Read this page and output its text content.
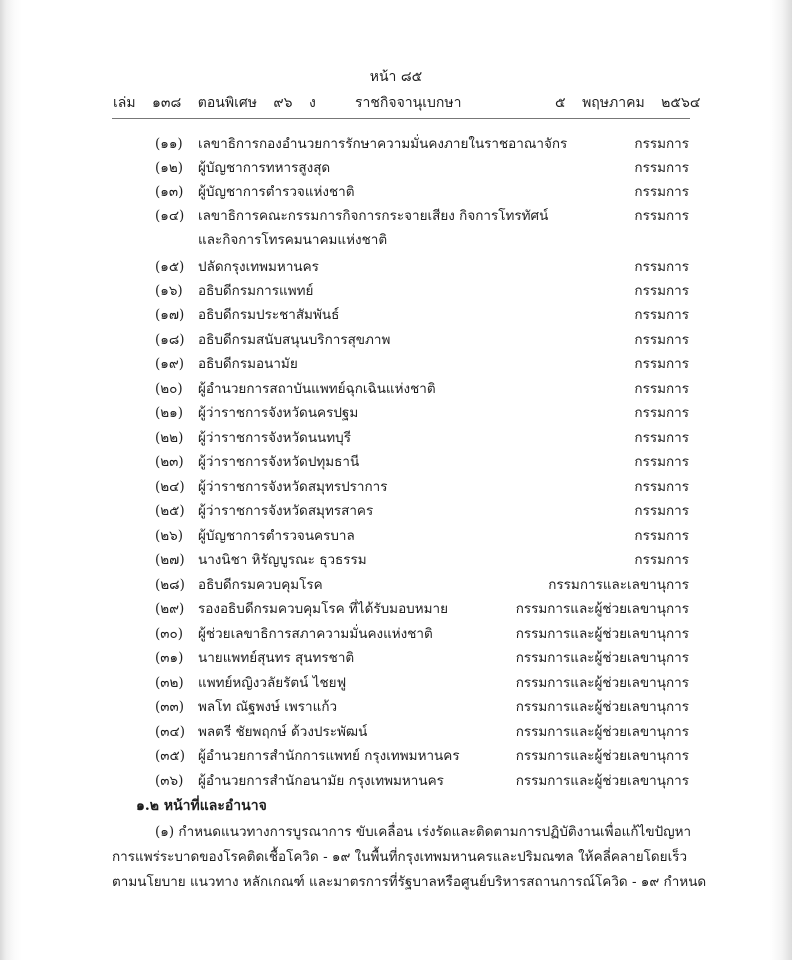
หน้า ๘๕
เล่ม ๑๓๘ ตอนพิเศษ ๙๖ ง	ราชกิจจานุเบกษา	๕ พฤษภาคม ๒๕๖๔
(๑๑) เลขาธิการกองอำนวยการรักษาความมั่นคงภายในราชอาณาจักร	กรรมการ
(๑๒) ผู้บัญชาการทหารสูงสุด	กรรมการ
(๑๓) ผู้บัญชาการตำรวจแห่งชาติ	กรรมการ
(๑๔) เลขาธิการคณะกรรมการกิจการกระจายเสียง กิจการโทรทัศน์	กรรมการ
และกิจการโทรคมนาคมแห่งชาติ
(๑๕) ปลัดกรุงเทพมหานคร	กรรมการ
(๑๖) อธิบดีกรมการแพทย์	กรรมการ
(๑๗) อธิบดีกรมประชาสัมพันธ์	กรรมการ
(๑๘) อธิบดีกรมสนับสนุนบริการสุขภาพ	กรรมการ
(๑๙) อธิบดีกรมอนามัย	กรรมการ
(๒๐) ผู้อำนวยการสถาบันแพทย์ฉุกเฉินแห่งชาติ	กรรมการ
(๒๑) ผู้ว่าราชการจังหวัดนครปฐม	กรรมการ
(๒๒) ผู้ว่าราชการจังหวัดนนทบุรี	กรรมการ
(๒๓) ผู้ว่าราชการจังหวัดปทุมธานี	กรรมการ
(๒๔) ผู้ว่าราชการจังหวัดสมุทรปราการ	กรรมการ
(๒๕) ผู้ว่าราชการจังหวัดสมุทรสาคร	กรรมการ
(๒๖) ผู้บัญชาการตำรวจนครบาล	กรรมการ
(๒๗) นางนิชา หิรัญบูรณะ ธุวธรรม	กรรมการ
(๒๘) อธิบดีกรมควบคุมโรค	กรรมการและเลขานุการ
(๒๙) รองอธิบดีกรมควบคุมโรค ที่ได้รับมอบหมาย	กรรมการและผู้ช่วยเลขานุการ
(๓๐) ผู้ช่วยเลขาธิการสภาความมั่นคงแห่งชาติ	กรรมการและผู้ช่วยเลขานุการ
(๓๑) นายแพทย์สุนทร สุนทรชาติ	กรรมการและผู้ช่วยเลขานุการ
(๓๒) แพทย์หญิงวลัยรัตน์ ไชยฟู	กรรมการและผู้ช่วยเลขานุการ
(๓๓) พลโท ณัฐพงษ์ เพราแก้ว	กรรมการและผู้ช่วยเลขานุการ
(๓๔) พลตรี ชัยพฤกษ์ ด้วงประพัฒน์	กรรมการและผู้ช่วยเลขานุการ
(๓๕) ผู้อำนวยการสำนักการแพทย์ กรุงเทพมหานคร	กรรมการและผู้ช่วยเลขานุการ
(๓๖) ผู้อำนวยการสำนักอนามัย กรุงเทพมหานคร	กรรมการและผู้ช่วยเลขานุการ
๑.๒ หน้าที่และอำนาจ
(๑) กำหนดแนวทางการบูรณาการ ขับเคลื่อน เร่งรัดและติดตามการปฏิบัติงานเพื่อแก้ไขปัญหา
การแพร่ระบาดของโรคติดเชื้อโควิด - ๑๙ ในพื้นที่กรุงเทพมหานครและปริมณฑล ให้คลี่คลายโดยเร็ว
ตามนโยบาย แนวทาง หลักเกณฑ์ และมาตรการที่รัฐบาลหรือศูนย์บริหารสถานการณ์โควิด - ๑๙ กำหนด
